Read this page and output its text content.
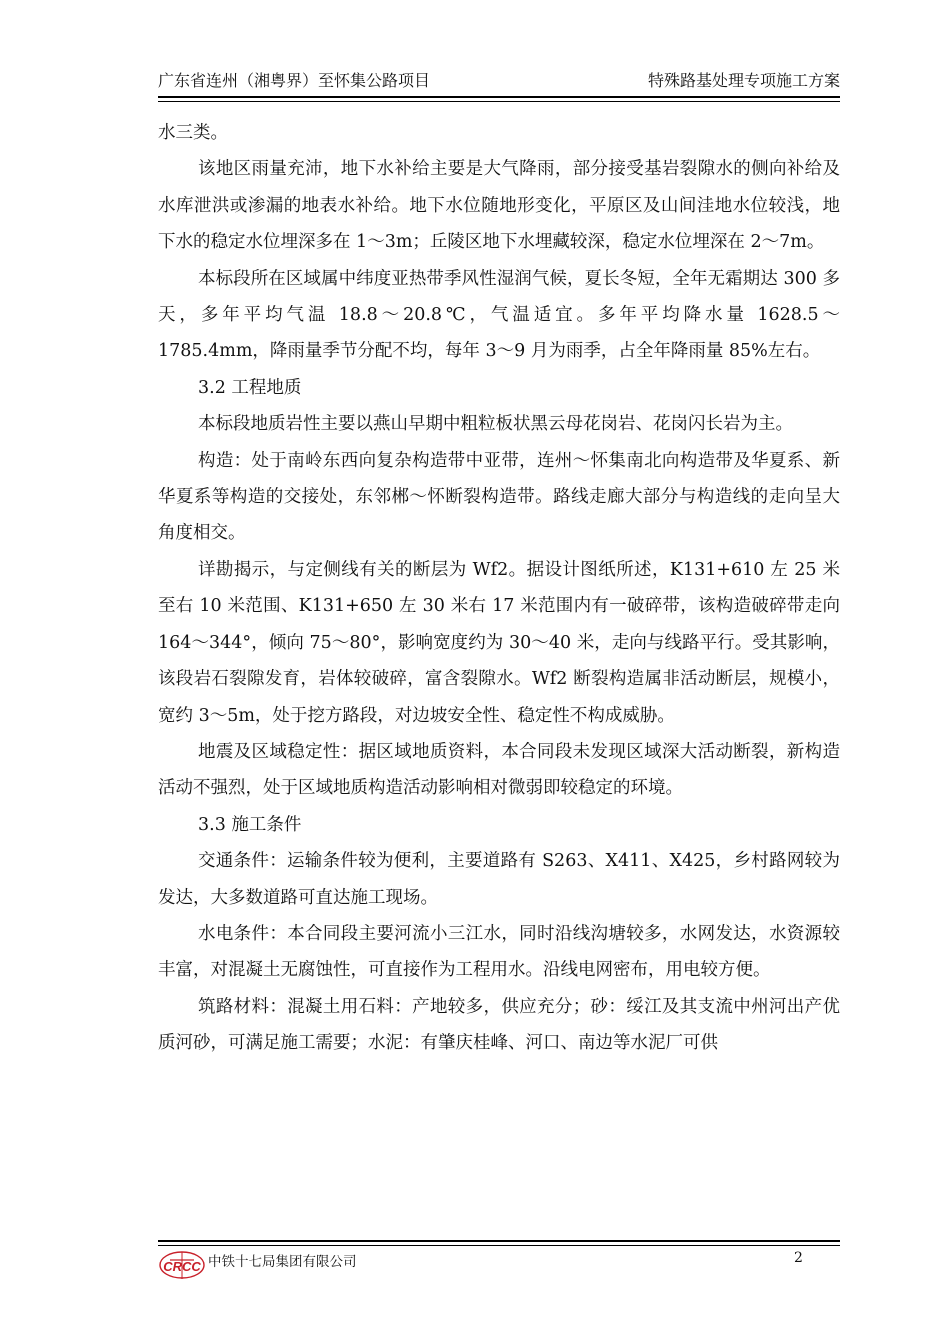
广东省连州（湘粤界）至怀集公路项目	特殊路基处理专项施工方案

水三类。

该地区雨量充沛，地下水补给主要是大气降雨，部分接受基岩裂隙水的侧向补给及水库泄洪或渗漏的地表水补给。地下水位随地形变化，平原区及山间洼地水位较浅，地下水的稳定水位埋深多在 1～3m；丘陵区地下水埋藏较深，稳定水位埋深在 2～7m。

本标段所在区域属中纬度亚热带季风性湿润气候，夏长冬短，全年无霜期达 300 多天，多年平均气温 18.8～20.8℃，气温适宜。多年平均降水量 1628.5～1785.4mm，降雨量季节分配不均，每年 3～9 月为雨季，占全年降雨量 85%左右。

3.2 工程地质

本标段地质岩性主要以燕山早期中粗粒板状黑云母花岗岩、花岗闪长岩为主。

构造：处于南岭东西向复杂构造带中亚带，连州～怀集南北向构造带及华夏系、新华夏系等构造的交接处，东邻郴～怀断裂构造带。路线走廊大部分与构造线的走向呈大角度相交。

详勘揭示，与定侧线有关的断层为 Wf2。据设计图纸所述，K131+610 左 25 米至右 10 米范围、K131+650 左 30 米右 17 米范围内有一破碎带，该构造破碎带走向 164～344°，倾向 75～80°，影响宽度约为 30～40 米，走向与线路平行。受其影响，该段岩石裂隙发育，岩体较破碎，富含裂隙水。Wf2 断裂构造属非活动断层，规模小，宽约 3～5m，处于挖方路段，对边坡安全性、稳定性不构成威胁。

地震及区域稳定性：据区域地质资料，本合同段未发现区域深大活动断裂，新构造活动不强烈，处于区域地质构造活动影响相对微弱即较稳定的环境。

3.3 施工条件

交通条件：运输条件较为便利，主要道路有 S263、X411、X425，乡村路网较为发达，大多数道路可直达施工现场。

水电条件：本合同段主要河流小三江水，同时沿线沟塘较多，水网发达，水资源较丰富，对混凝土无腐蚀性，可直接作为工程用水。沿线电网密布，用电较方便。

筑路材料：混凝土用石料：产地较多，供应充分；砂：绥江及其支流中州河出产优质河砂，可满足施工需要；水泥：有肇庆桂峰、河口、南边等水泥厂可供

CRCC 中铁十七局集团有限公司	2
